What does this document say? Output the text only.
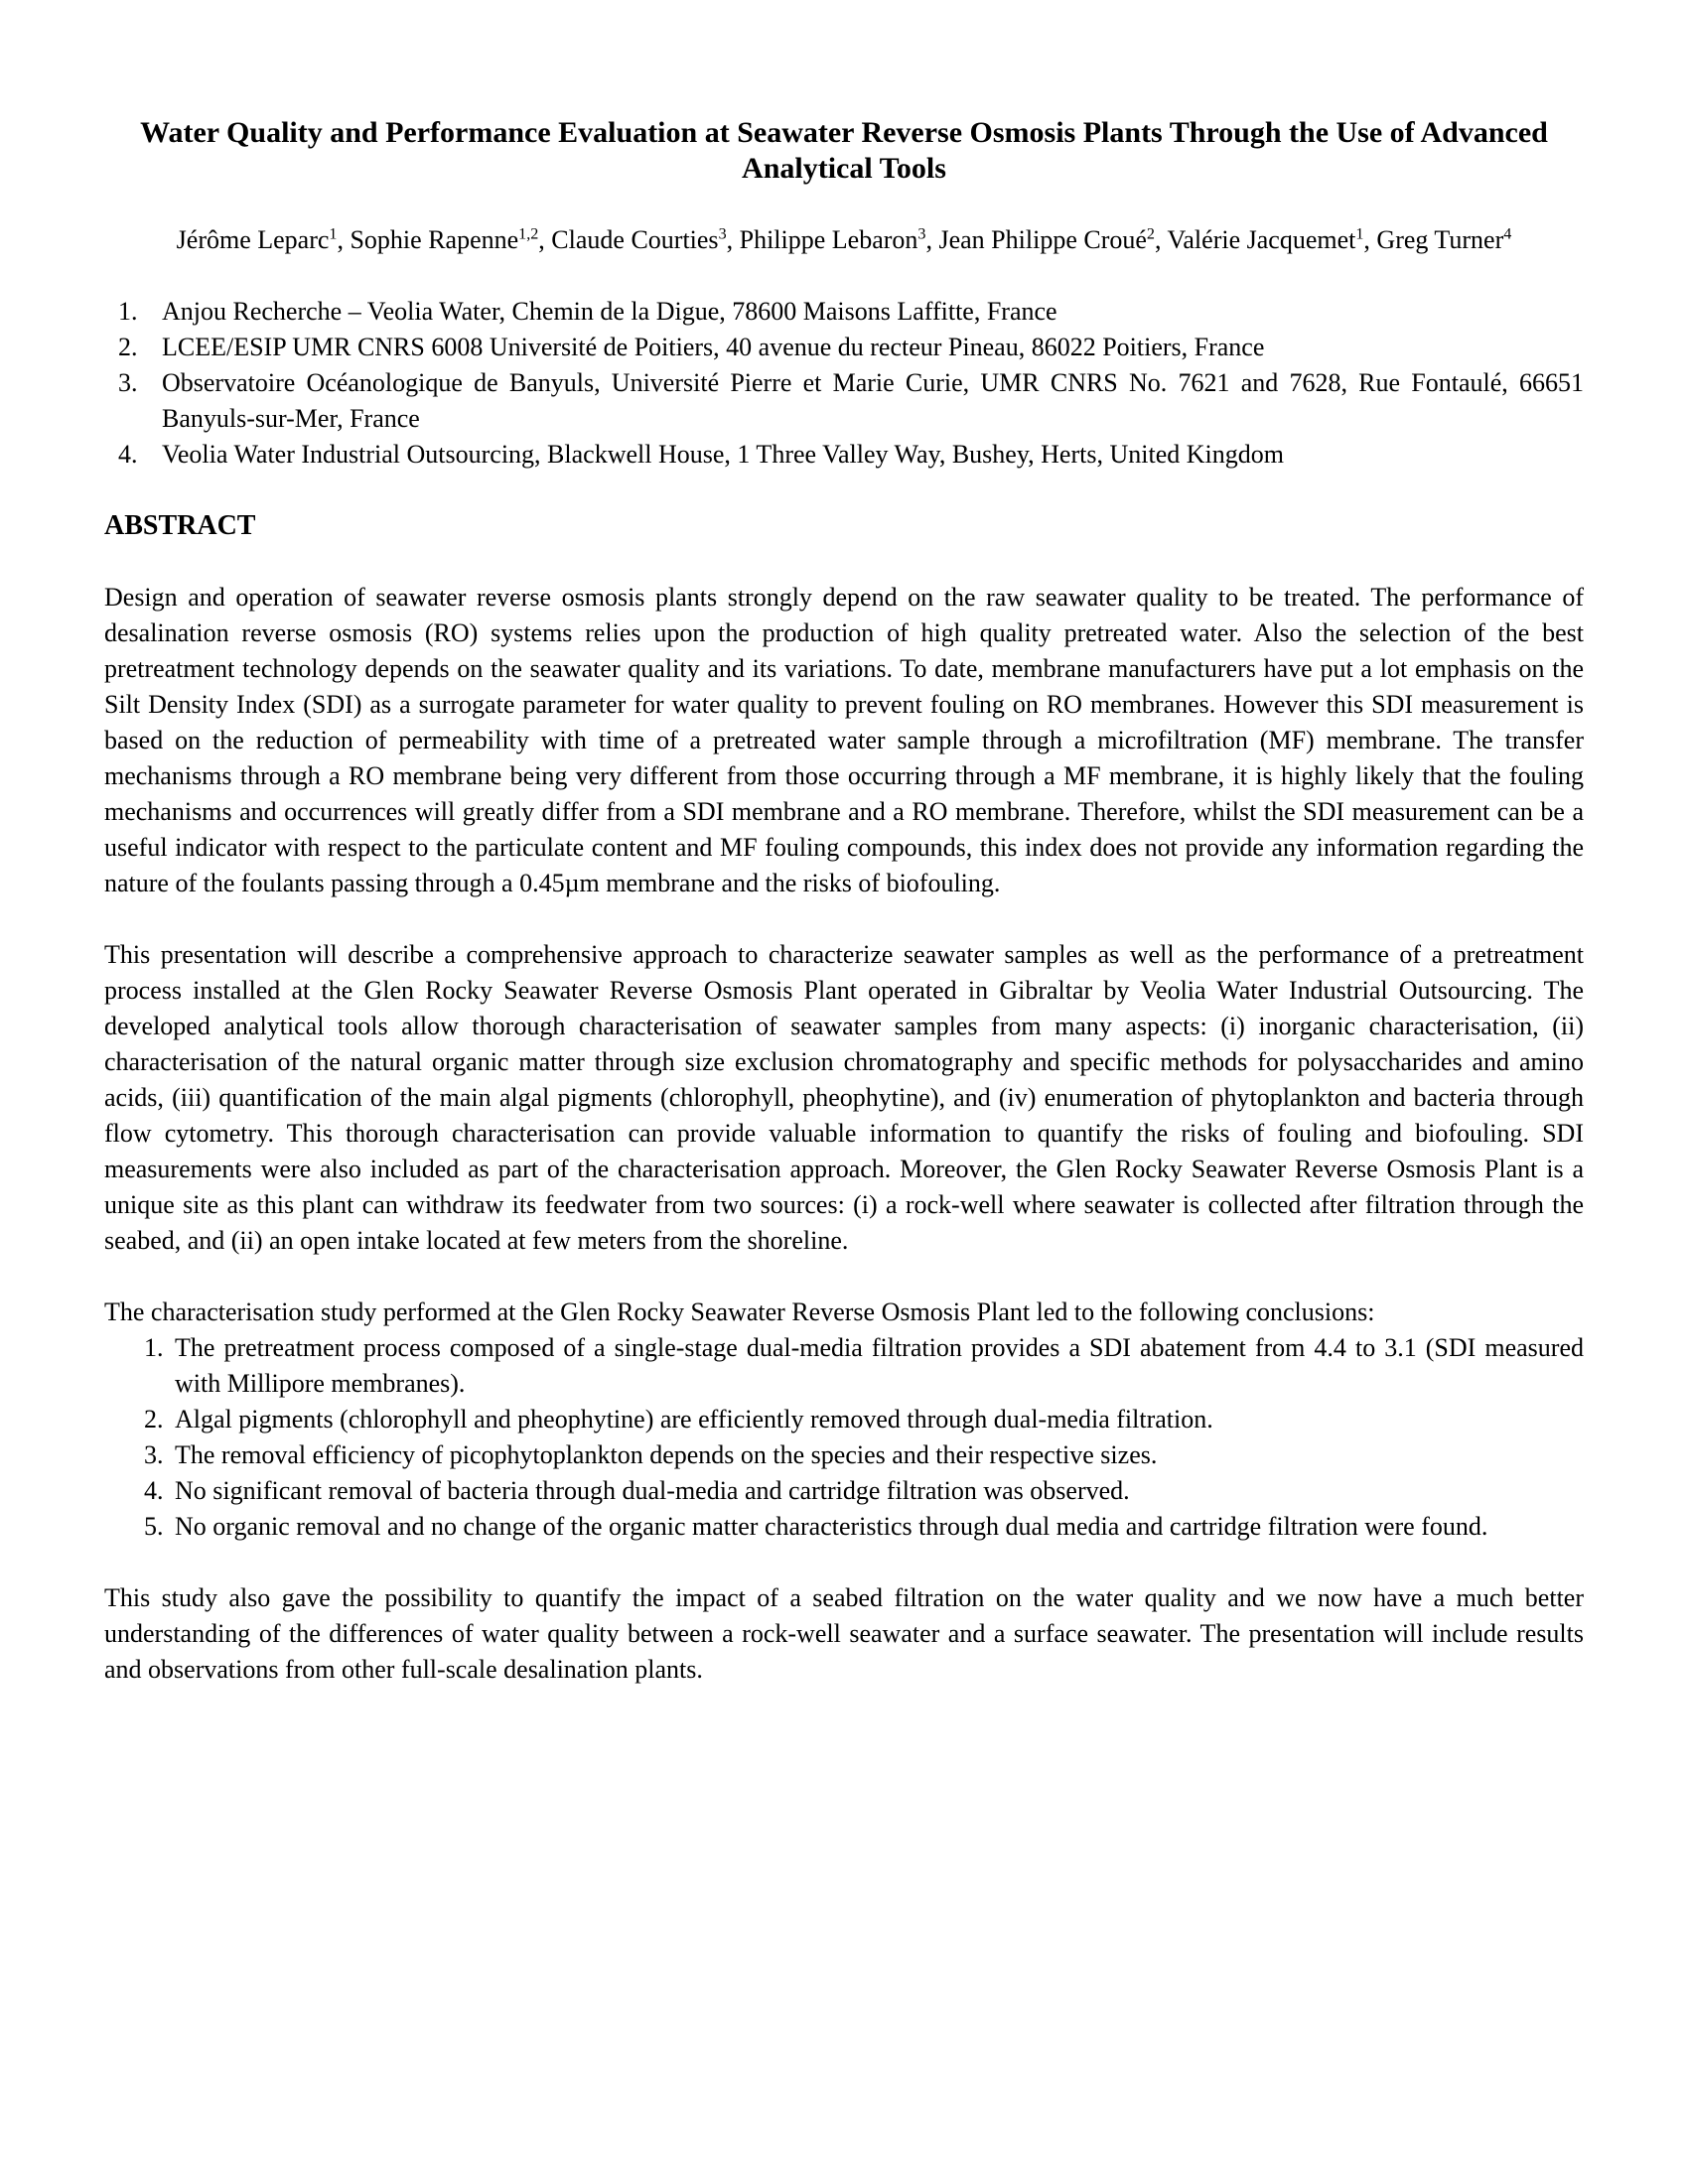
Water Quality and Performance Evaluation at Seawater Reverse Osmosis Plants Through the Use of Advanced Analytical Tools

Jérôme Leparc$^1$, Sophie Rapenne$^{1,2}$, Claude Courties$^3$, Philippe Lebaron$^3$, Jean Philippe Croué$^2$, Valérie Jacquemet$^1$, Greg Turner$^4$

1. Anjou Recherche – Veolia Water, Chemin de la Digue, 78600 Maisons Laffitte, France
2. LCEE/ESIP UMR CNRS 6008 Université de Poitiers, 40 avenue du recteur Pineau, 86022 Poitiers, France
3. Observatoire Océanologique de Banyuls, Université Pierre et Marie Curie, UMR CNRS No. 7621 and 7628, Rue Fontaulé, 66651 Banyuls-sur-Mer, France
4. Veolia Water Industrial Outsourcing, Blackwell House, 1 Three Valley Way, Bushey, Herts, United Kingdom
ABSTRACT

Design and operation of seawater reverse osmosis plants strongly depend on the raw seawater quality to be treated. The performance of desalination reverse osmosis (RO) systems relies upon the production of high quality pretreated water. Also the selection of the best pretreatment technology depends on the seawater quality and its variations. To date, membrane manufacturers have put a lot emphasis on the Silt Density Index (SDI) as a surrogate parameter for water quality to prevent fouling on RO membranes. However this SDI measurement is based on the reduction of permeability with time of a pretreated water sample through a microfiltration (MF) membrane. The transfer mechanisms through a RO membrane being very different from those occurring through a MF membrane, it is highly likely that the fouling mechanisms and occurrences will greatly differ from a SDI membrane and a RO membrane. Therefore, whilst the SDI measurement can be a useful indicator with respect to the particulate content and MF fouling compounds, this index does not provide any information regarding the nature of the foulants passing through a 0.45µm membrane and the risks of biofouling.

This presentation will describe a comprehensive approach to characterize seawater samples as well as the performance of a pretreatment process installed at the Glen Rocky Seawater Reverse Osmosis Plant operated in Gibraltar by Veolia Water Industrial Outsourcing. The developed analytical tools allow thorough characterisation of seawater samples from many aspects: (i) inorganic characterisation, (ii) characterisation of the natural organic matter through size exclusion chromatography and specific methods for polysaccharides and amino acids, (iii) quantification of the main algal pigments (chlorophyll, pheophytine), and (iv) enumeration of phytoplankton and bacteria through flow cytometry. This thorough characterisation can provide valuable information to quantify the risks of fouling and biofouling. SDI measurements were also included as part of the characterisation approach. Moreover, the Glen Rocky Seawater Reverse Osmosis Plant is a unique site as this plant can withdraw its feedwater from two sources: (i) a rock-well where seawater is collected after filtration through the seabed, and (ii) an open intake located at few meters from the shoreline.

The characterisation study performed at the Glen Rocky Seawater Reverse Osmosis Plant led to the following conclusions:

1. The pretreatment process composed of a single-stage dual-media filtration provides a SDI abatement from 4.4 to 3.1 (SDI measured with Millipore membranes).
2. Algal pigments (chlorophyll and pheophytine) are efficiently removed through dual-media filtration.
3. The removal efficiency of picophytoplankton depends on the species and their respective sizes.
4. No significant removal of bacteria through dual-media and cartridge filtration was observed.
5. No organic removal and no change of the organic matter characteristics through dual media and cartridge filtration were found.

This study also gave the possibility to quantify the impact of a seabed filtration on the water quality and we now have a much better understanding of the differences of water quality between a rock-well seawater and a surface seawater. The presentation will include results and observations from other full-scale desalination plants.
